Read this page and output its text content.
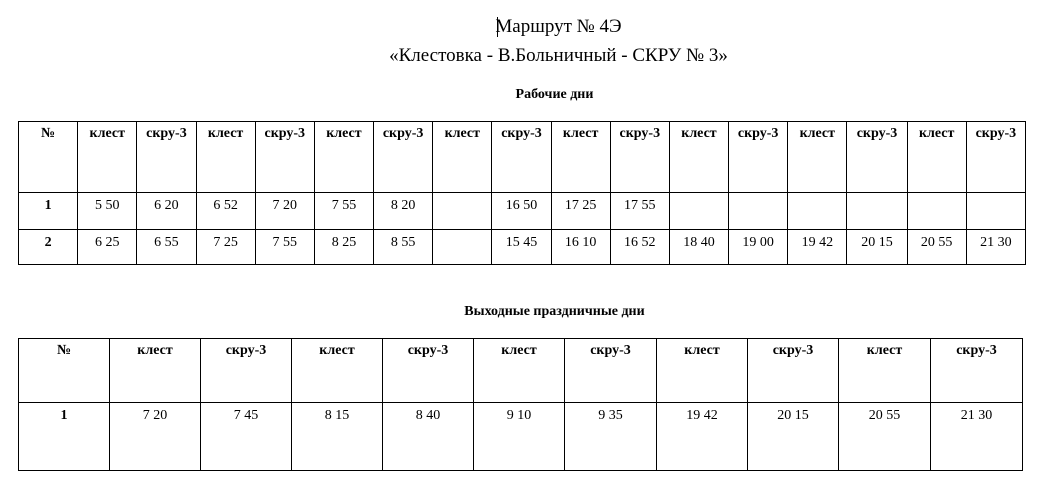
Маршрут № 4Э
«Клестовка - В.Больничный - СКРУ № 3»
Рабочие дни
№	клест	скру-3	клест	скру-3	клест	скру-3	клест	скру-3	клест	скру-3	клест	скру-3	клест	скру-3	клест	скру-3
1	5 50	6 20	6 52	7 20	7 55	8 20		16 50	17 25	17 55						
2	6 25	6 55	7 25	7 55	8 25	8 55		15 45	16 10	16 52	18 40	19 00	19 42	20 15	20 55	21 30
Выходные праздничные дни
№	клест	скру-3	клест	скру-3	клест	скру-3	клест	скру-3	клест	скру-3
1	7 20	7 45	8 15	8 40	9 10	9 35	19 42	20 15	20 55	21 30
